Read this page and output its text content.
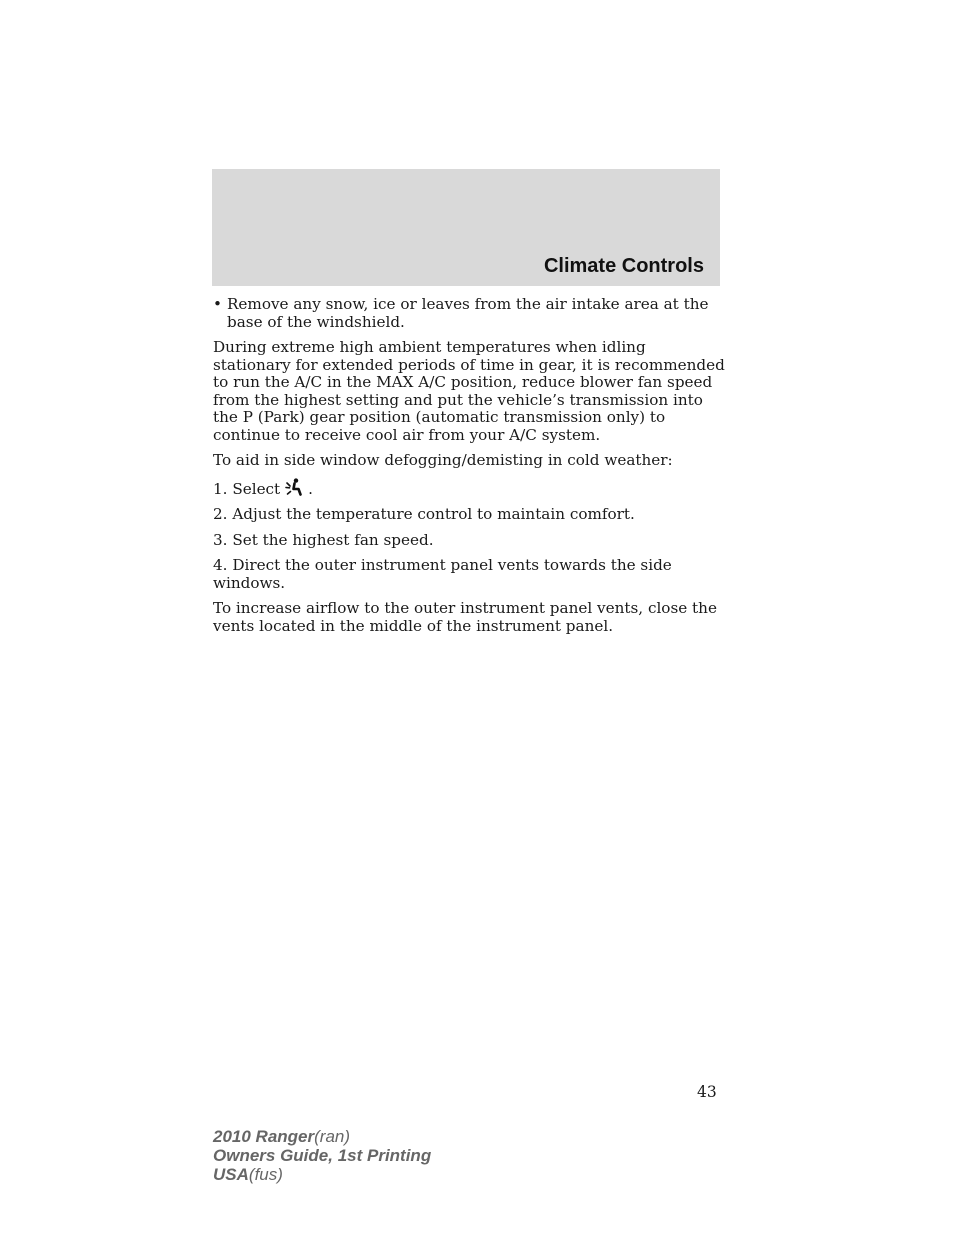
Climate Controls
• Remove any snow, ice or leaves from the air intake area at the base of the windshield.

During extreme high ambient temperatures when idling stationary for extended periods of time in gear, it is recommended to run the A/C in the MAX A/C position, reduce blower fan speed from the highest setting and put the vehicle’s transmission into the P (Park) gear position (automatic transmission only) to continue to receive cool air from your A/C system.

To aid in side window defogging/demisting in cold weather:

1. Select .

2. Adjust the temperature control to maintain comfort.

3. Set the highest fan speed.

4. Direct the outer instrument panel vents towards the side windows.

To increase airflow to the outer instrument panel vents, close the vents located in the middle of the instrument panel.

43
2010 Ranger(ran)
Owners Guide, 1st Printing
USA(fus)
